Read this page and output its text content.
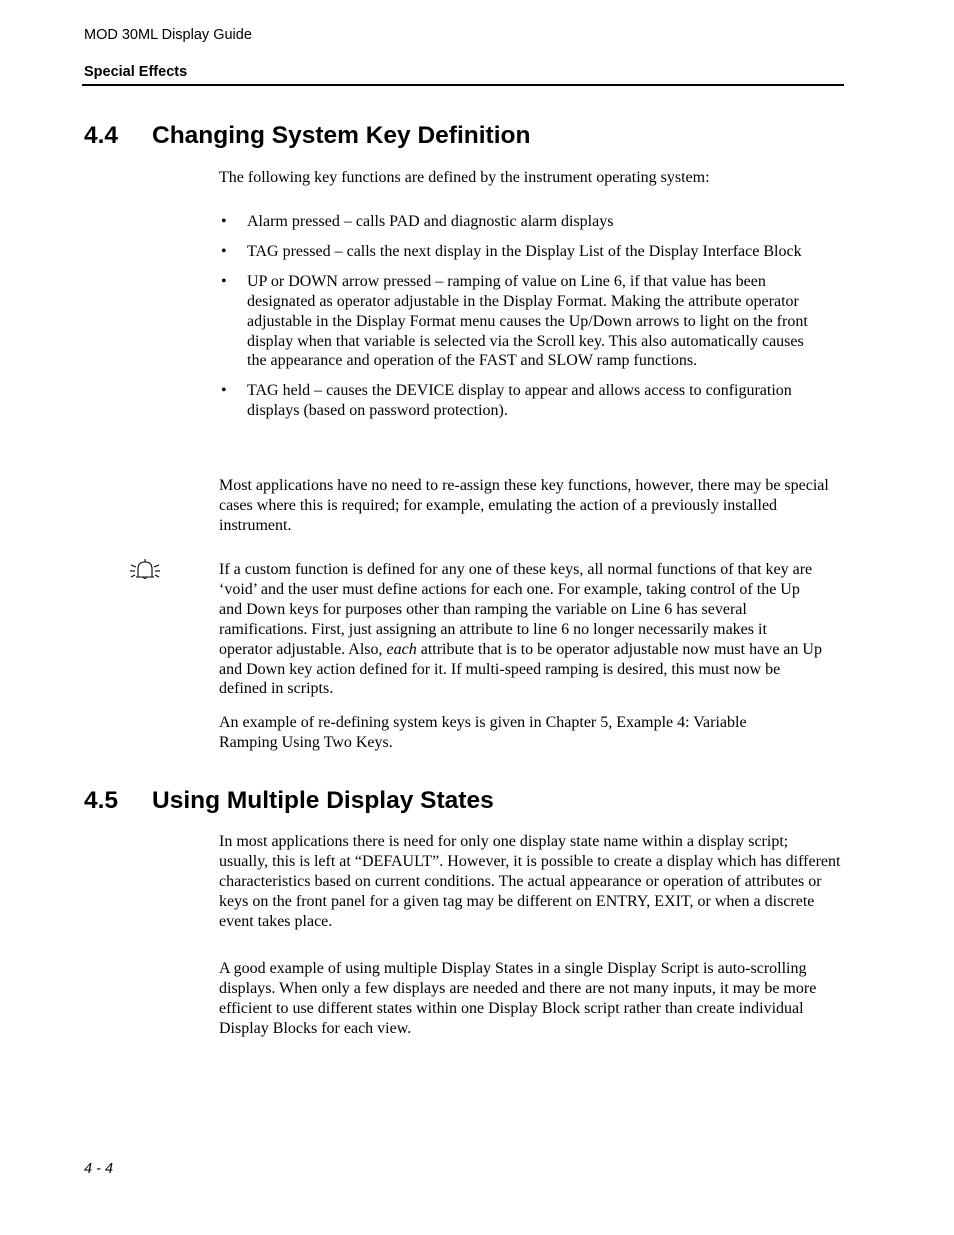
MOD 30ML Display Guide
Special Effects
4.4 Changing System Key Definition

The following key functions are defined by the instrument operating system:

• Alarm pressed – calls PAD and diagnostic alarm displays
• TAG pressed – calls the next display in the Display List of the Display Interface Block
• UP or DOWN arrow pressed – ramping of value on Line 6, if that value has been designated as operator adjustable in the Display Format. Making the attribute operator adjustable in the Display Format menu causes the Up/Down arrows to light on the front display when that variable is selected via the Scroll key. This also automatically causes the appearance and operation of the FAST and SLOW ramp functions.
• TAG held – causes the DEVICE display to appear and allows access to configuration displays (based on password protection).

Most applications have no need to re-assign these key functions, however, there may be special cases where this is required; for example, emulating the action of a previously installed instrument.

If a custom function is defined for any one of these keys, all normal functions of that key are ‘void’ and the user must define actions for each one. For example, taking control of the Up and Down keys for purposes other than ramping the variable on Line 6 has several ramifications. First, just assigning an attribute to line 6 no longer necessarily makes it operator adjustable. Also, each attribute that is to be operator adjustable now must have an Up and Down key action defined for it. If multi-speed ramping is desired, this must now be defined in scripts.

An example of re-defining system keys is given in Chapter 5, Example 4: Variable Ramping Using Two Keys.

4.5 Using Multiple Display States

In most applications there is need for only one display state name within a display script; usually, this is left at “DEFAULT”. However, it is possible to create a display which has different characteristics based on current conditions. The actual appearance or operation of attributes or keys on the front panel for a given tag may be different on ENTRY, EXIT, or when a discrete event takes place.

A good example of using multiple Display States in a single Display Script is auto-scrolling displays. When only a few displays are needed and there are not many inputs, it may be more efficient to use different states within one Display Block script rather than create individual Display Blocks for each view.

4 - 4
